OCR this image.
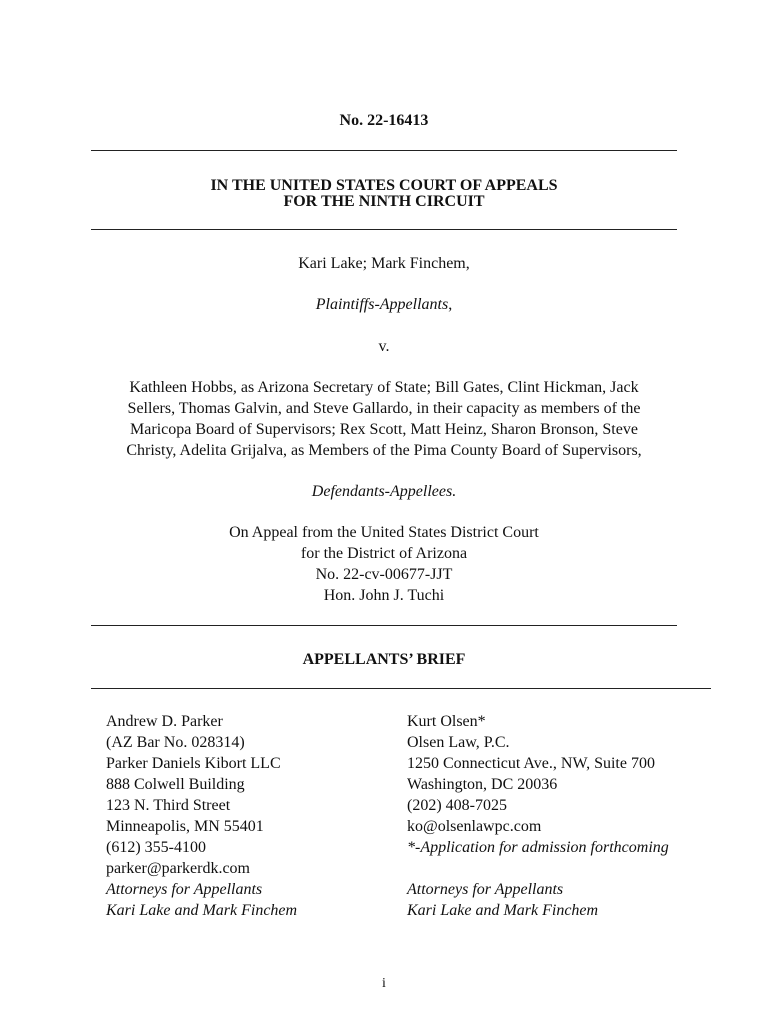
No. 22-16413
IN THE UNITED STATES COURT OF APPEALS
FOR THE NINTH CIRCUIT
Kari Lake; Mark Finchem,
Plaintiffs-Appellants,
v.
Kathleen Hobbs, as Arizona Secretary of State; Bill Gates, Clint Hickman, Jack
Sellers, Thomas Galvin, and Steve Gallardo, in their capacity as members of the
Maricopa Board of Supervisors; Rex Scott, Matt Heinz, Sharon Bronson, Steve
Christy, Adelita Grijalva, as Members of the Pima County Board of Supervisors,
Defendants-Appellees.
On Appeal from the United States District Court
for the District of Arizona
No. 22-cv-00677-JJT
Hon. John J. Tuchi
APPELLANTS’ BRIEF
Andrew D. Parker
(AZ Bar No. 028314)
Parker Daniels Kibort LLC
888 Colwell Building
123 N. Third Street
Minneapolis, MN 55401
(612) 355-4100
parker@parkerdk.com
Attorneys for Appellants
Kari Lake and Mark Finchem
Kurt Olsen*
Olsen Law, P.C.
1250 Connecticut Ave., NW, Suite 700
Washington, DC 20036
(202) 408-7025
ko@olsenlawpc.com
*-Application for admission forthcoming
Attorneys for Appellants
Kari Lake and Mark Finchem
i
